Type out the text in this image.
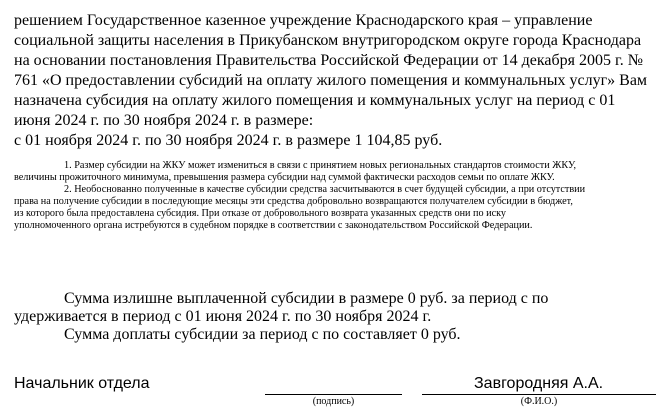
решением Государственное казенное учреждение Краснодарского края – управление
социальной защиты населения в Прикубанском внутригородском округе города Краснодара
на основании постановления Правительства Российской Федерации от 14 декабря 2005 г. №
761 «О предоставлении субсидий на оплату жилого помещения и коммунальных услуг» Вам
назначена субсидия на оплату жилого помещения и коммунальных услуг на период с 01
июня 2024 г. по 30 ноября 2024 г. в размере:
с 01 ноября 2024 г. по 30 ноября 2024 г. в размере 1 104,85 руб.
1. Размер субсидии на ЖКУ может измениться в связи с принятием новых региональных стандартов стоимости ЖКУ,
величины прожиточного минимума, превышения размера субсидии над суммой фактически расходов семьи по оплате ЖКУ.
2. Необоснованно полученные в качестве субсидии средства засчитываются в счет будущей субсидии, а при отсутствии
права на получение субсидии в последующие месяцы эти средства добровольно возвращаются получателем субсидии в бюджет,
из которого была предоставлена субсидия. При отказе от добровольного возврата указанных средств они по иску
уполномоченного органа истребуются в судебном порядке в соответствии с законодательством Российской Федерации.
Сумма излишне выплаченной субсидии в размере 0 руб. за период с по
удерживается в период с 01 июня 2024 г. по 30 ноября 2024 г.
Сумма доплаты субсидии за период с по составляет 0 руб.
Начальник отдела
(подпись)
Завгородняя А.А.
(Ф.И.О.)
